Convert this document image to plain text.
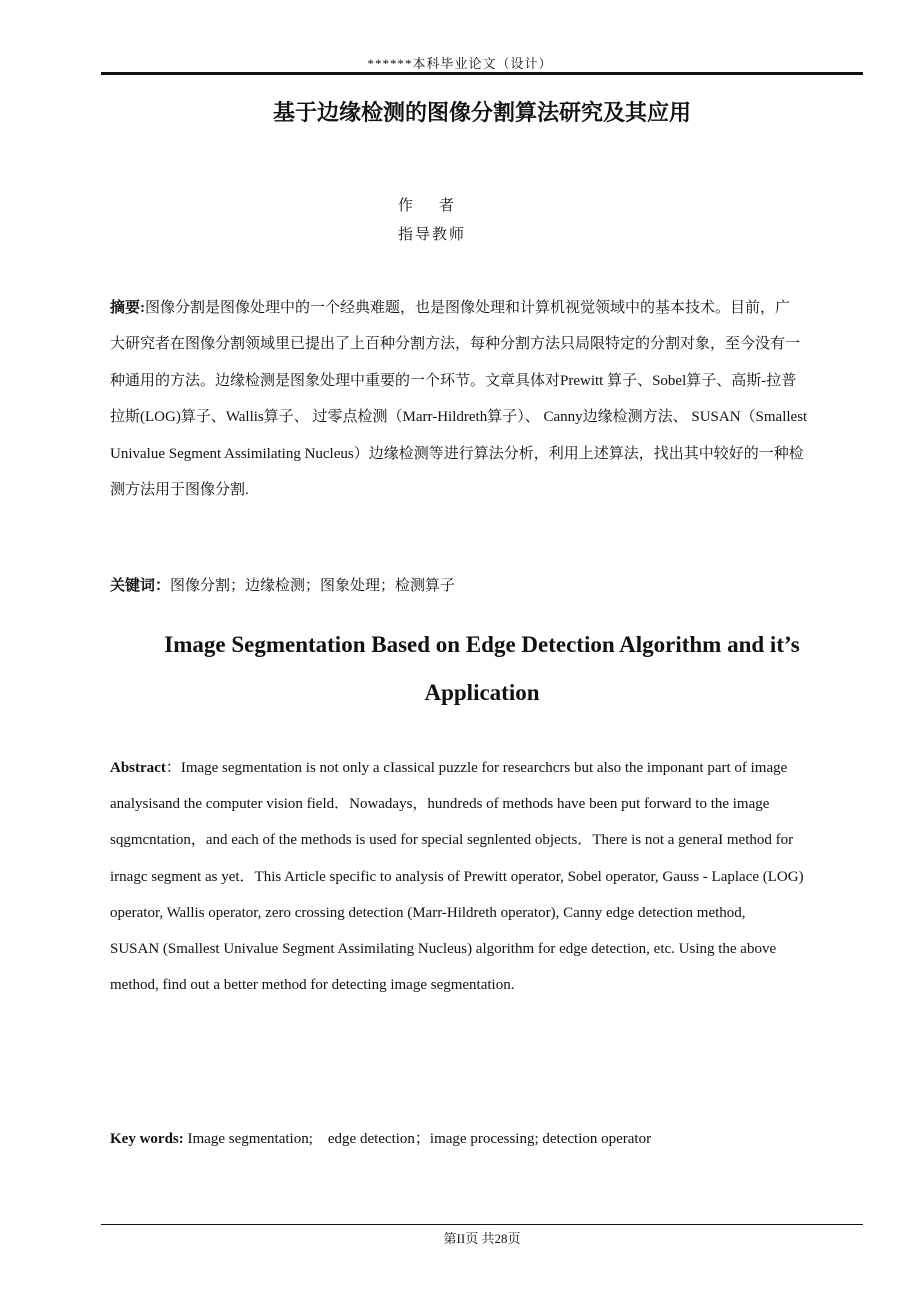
******本科毕业论文（设计）
基于边缘检测的图像分割算法研究及其应用
作者
指导教师
摘要:图像分割是图像处理中的一个经典难题，也是图像处理和计算机视觉领域中的基本技术。目前，广
大研究者在图像分割领域里已提出了上百种分割方法，每种分割方法只局限特定的分割对象，至今没有一
种通用的方法。边缘检测是图象处理中重要的一个环节。文章具体对Prewitt 算子、Sobel算子、高斯-拉普
拉斯(LOG)算子、Wallis算子、 过零点检测（Marr-Hildreth算子）、 Canny边缘检测方法、 SUSAN（Smallest
Univalue Segment Assimilating Nucleus）边缘检测等进行算法分析，利用上述算法，找出其中较好的一种检
测方法用于图像分割.
关键词：图像分割；边缘检测；图象处理；检测算子
Image Segmentation Based on Edge Detection Algorithm and it’s
Application
Abstract：Image segmentation is not only a cIassical puzzle for researchcrs but also the imponant part of image
analysisand the computer vision field．Nowadays，hundreds of methods have been put forward to the image
sqgmcntation，and each of the methods is used for special segnlented objects．There is not a generaI method for
irnagc segment as yet．This Article specific to analysis of Prewitt operator, Sobel operator, Gauss - Laplace (LOG)
operator, Wallis operator, zero crossing detection (Marr-Hildreth operator), Canny edge detection method,
SUSAN (Smallest Univalue Segment Assimilating Nucleus) algorithm for edge detection, etc. Using the above
method, find out a better method for detecting image segmentation.
Key words: Image segmentation;    edge detection；image processing; detection operator
第II页 共28页
